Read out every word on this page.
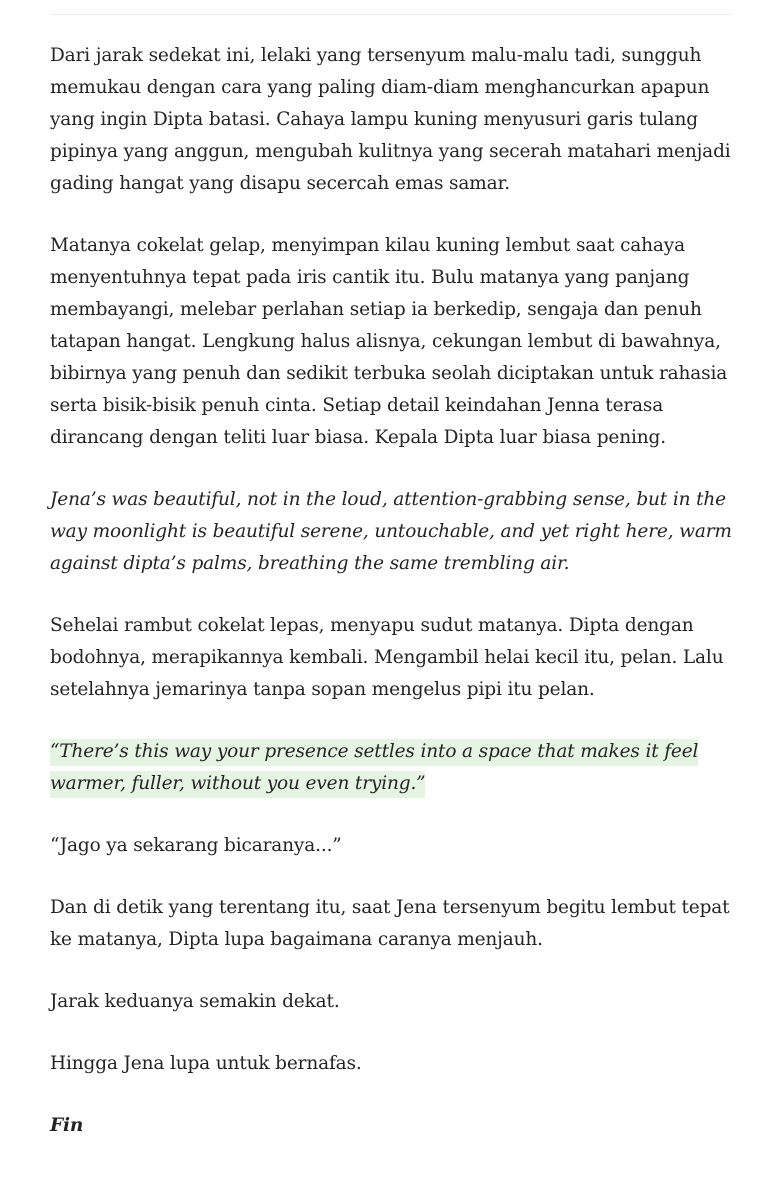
Dari jarak sedekat ini, lelaki yang tersenyum malu-malu tadi, sungguh memukau dengan cara yang paling diam-diam menghancurkan apapun yang ingin Dipta batasi. Cahaya lampu kuning menyusuri garis tulang pipinya yang anggun, mengubah kulitnya yang secerah matahari menjadi gading hangat yang disapu secercah emas samar.

Matanya cokelat gelap, menyimpan kilau kuning lembut saat cahaya menyentuhnya tepat pada iris cantik itu. Bulu matanya yang panjang membayangi, melebar perlahan setiap ia berkedip, sengaja dan penuh tatapan hangat. Lengkung halus alisnya, cekungan lembut di bawahnya, bibirnya yang penuh dan sedikit terbuka seolah diciptakan untuk rahasia serta bisik-bisik penuh cinta. Setiap detail keindahan Jenna terasa dirancang dengan teliti luar biasa. Kepala Dipta luar biasa pening.

Jena’s was beautiful, not in the loud, attention-grabbing sense, but in the way moonlight is beautiful serene, untouchable, and yet right here, warm against dipta’s palms, breathing the same trembling air.

Sehelai rambut cokelat lepas, menyapu sudut matanya. Dipta dengan bodohnya, merapikannya kembali. Mengambil helai kecil itu, pelan. Lalu setelahnya jemarinya tanpa sopan mengelus pipi itu pelan.

“There’s this way your presence settles into a space that makes it feel warmer, fuller, without you even trying.”

“Jago ya sekarang bicaranya...”

Dan di detik yang terentang itu, saat Jena tersenyum begitu lembut tepat ke matanya, Dipta lupa bagaimana caranya menjauh.

Jarak keduanya semakin dekat.

Hingga Jena lupa untuk bernafas.

Fin
